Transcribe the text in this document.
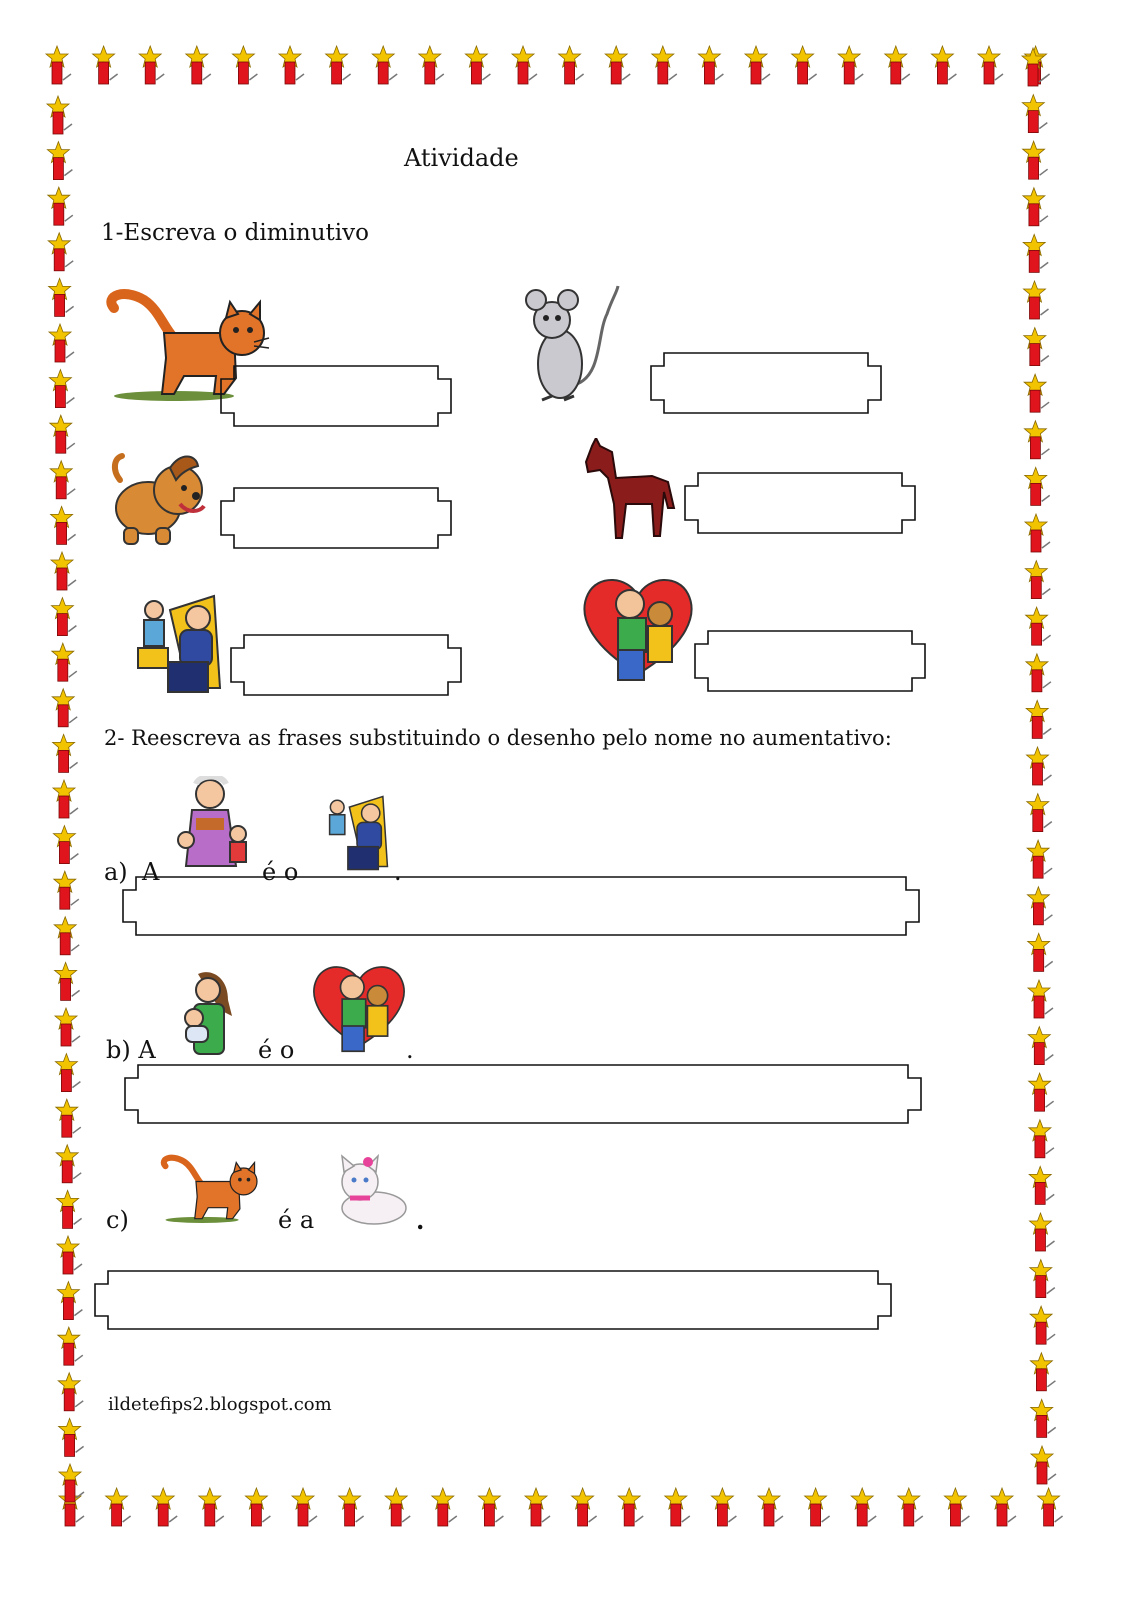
Atividade
1-Escreva o diminutivo
2- Reescreva as frases substituindo o desenho pelo nome no aumentativo:
a) A	é o	.
b) A	é o	.
c)	é a	.
ildetefips2.blogspot.com
